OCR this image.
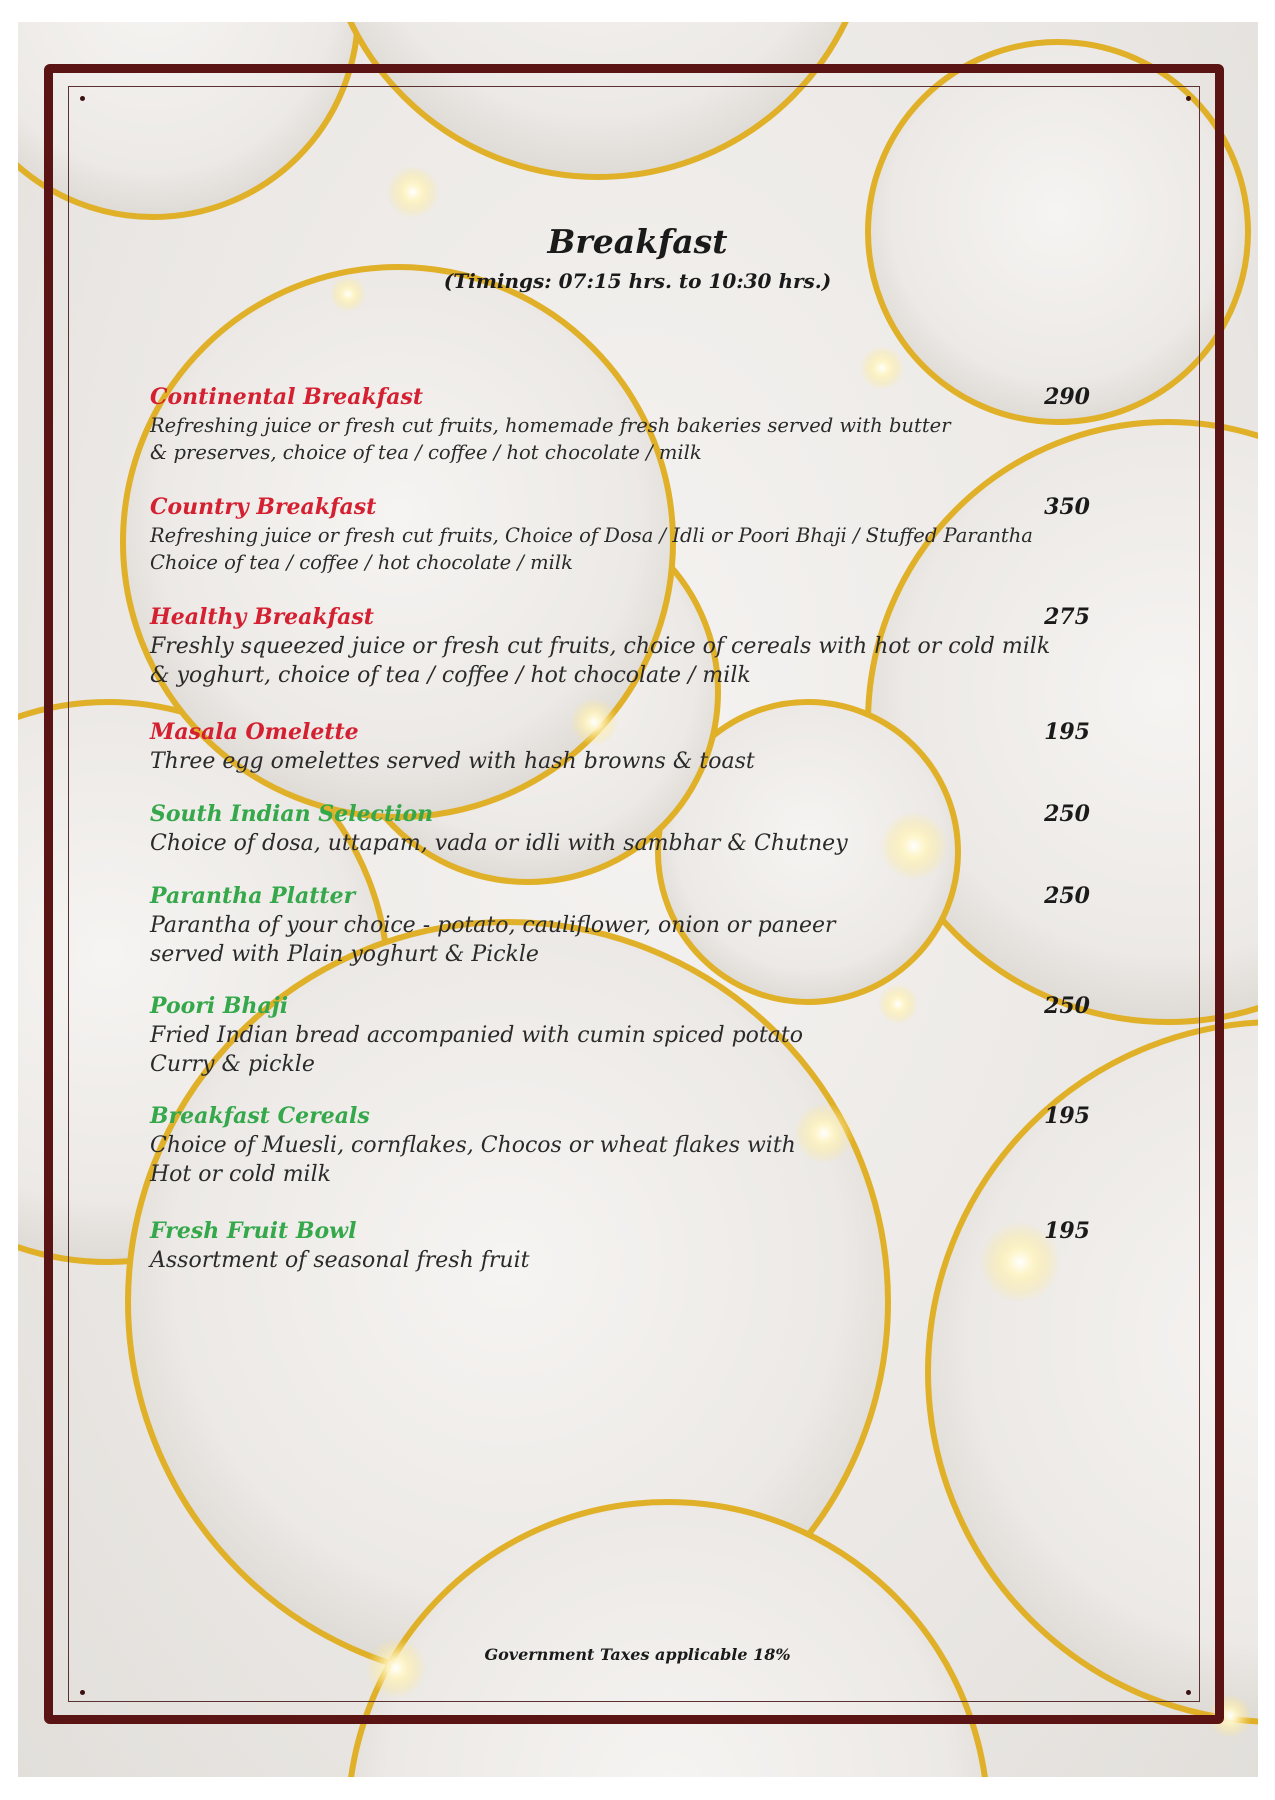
Breakfast
(Timings: 07:15 hrs. to 10:30 hrs.)
Continental Breakfast	290
Refreshing juice or fresh cut fruits, homemade fresh bakeries served with butter
& preserves, choice of tea / coffee / hot chocolate / milk
Country Breakfast	350
Refreshing juice or fresh cut fruits, Choice of Dosa / Idli or Poori Bhaji / Stuffed Parantha
Choice of tea / coffee / hot chocolate / milk
Healthy Breakfast	275
Freshly squeezed juice or fresh cut fruits, choice of cereals with hot or cold milk
& yoghurt, choice of tea / coffee / hot chocolate / milk
Masala Omelette	195
Three egg omelettes served with hash browns & toast
South Indian Selection	250
Choice of dosa, uttapam, vada or idli with sambhar & Chutney
Parantha Platter	250
Parantha of your choice - potato, cauliflower, onion or paneer
served with Plain yoghurt & Pickle
Poori Bhaji	250
Fried Indian bread accompanied with cumin spiced potato
Curry & pickle
Breakfast Cereals	195
Choice of Muesli, cornflakes, Chocos or wheat flakes with
Hot or cold milk
Fresh Fruit Bowl	195
Assortment of seasonal fresh fruit
Government Taxes applicable 18%
